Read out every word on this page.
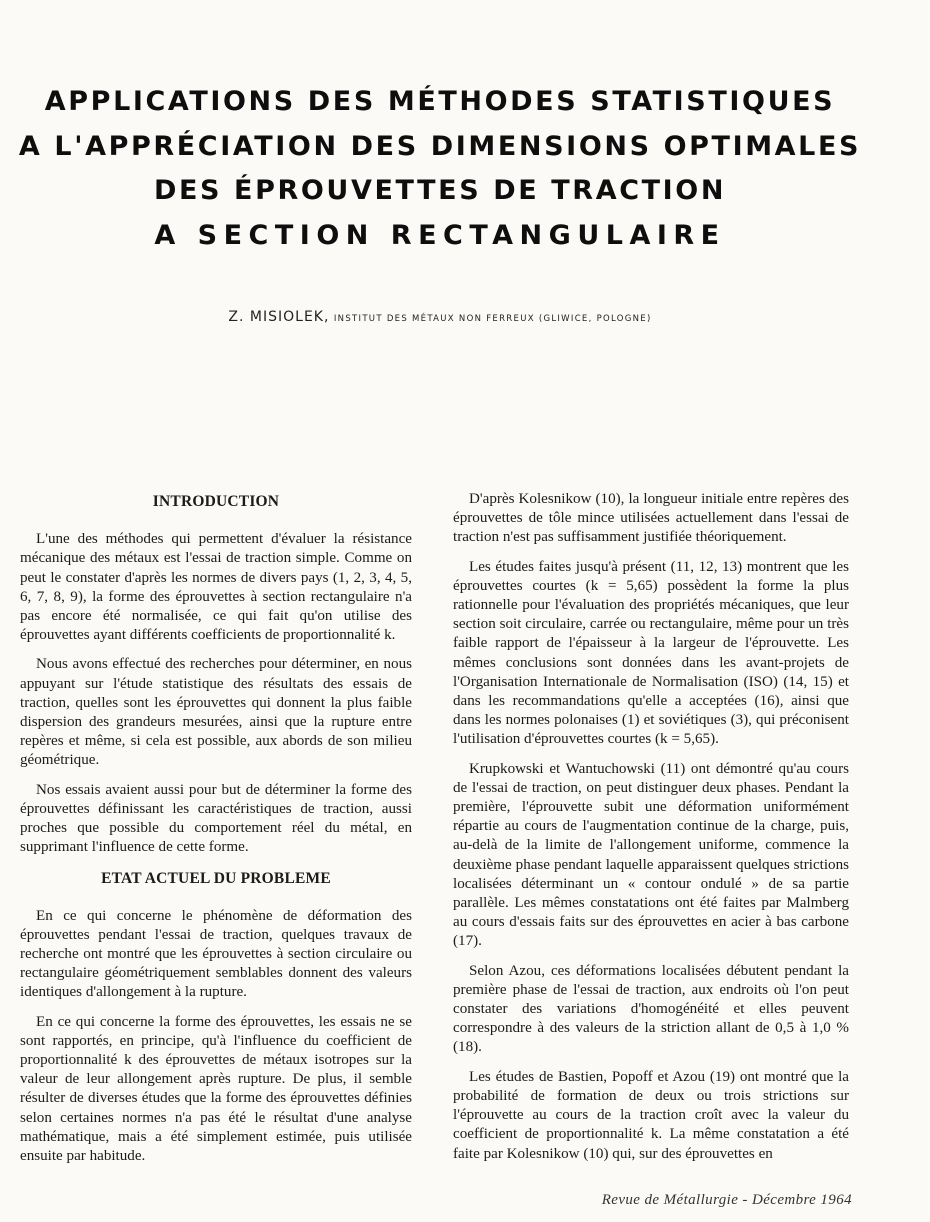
APPLICATIONS DES MÉTHODES STATISTIQUES
A L'APPRÉCIATION DES DIMENSIONS OPTIMALES
DES ÉPROUVETTES DE TRACTION
A SECTION RECTANGULAIRE
Z. MISIOLEK, INSTITUT DES MÉTAUX NON FERREUX (GLIWICE, POLOGNE)
INTRODUCTION

L'une des méthodes qui permettent d'évaluer la résistance mécanique des métaux est l'essai de traction simple. Comme on peut le constater d'après les normes de divers pays (1, 2, 3, 4, 5, 6, 7, 8, 9), la forme des éprouvettes à section rectangulaire n'a pas encore été normalisée, ce qui fait qu'on utilise des éprouvettes ayant différents coefficients de proportionnalité k.

Nous avons effectué des recherches pour déterminer, en nous appuyant sur l'étude statistique des résultats des essais de traction, quelles sont les éprouvettes qui donnent la plus faible dispersion des grandeurs mesurées, ainsi que la rupture entre repères et même, si cela est possible, aux abords de son milieu géométrique.

Nos essais avaient aussi pour but de déterminer la forme des éprouvettes définissant les caractéristiques de traction, aussi proches que possible du comportement réel du métal, en supprimant l'influence de cette forme.

ETAT ACTUEL DU PROBLEME

En ce qui concerne le phénomène de déformation des éprouvettes pendant l'essai de traction, quelques travaux de recherche ont montré que les éprouvettes à section circulaire ou rectangulaire géométriquement semblables donnent des valeurs identiques d'allongement à la rupture.

En ce qui concerne la forme des éprouvettes, les essais ne se sont rapportés, en principe, qu'à l'influence du coefficient de proportionnalité k des éprouvettes de métaux isotropes sur la valeur de leur allongement après rupture. De plus, il semble résulter de diverses études que la forme des éprouvettes définies selon certaines normes n'a pas été le résultat d'une analyse mathématique, mais a été simplement estimée, puis utilisée ensuite par habitude.

D'après Kolesnikow (10), la longueur initiale entre repères des éprouvettes de tôle mince utilisées actuellement dans l'essai de traction n'est pas suffisamment justifiée théoriquement.

Les études faites jusqu'à présent (11, 12, 13) montrent que les éprouvettes courtes (k = 5,65) possèdent la forme la plus rationnelle pour l'évaluation des propriétés mécaniques, que leur section soit circulaire, carrée ou rectangulaire, même pour un très faible rapport de l'épaisseur à la largeur de l'éprouvette. Les mêmes conclusions sont données dans les avant-projets de l'Organisation Internationale de Normalisation (ISO) (14, 15) et dans les recommandations qu'elle a acceptées (16), ainsi que dans les normes polonaises (1) et soviétiques (3), qui préconisent l'utilisation d'éprouvettes courtes (k = 5,65).

Krupkowski et Wantuchowski (11) ont démontré qu'au cours de l'essai de traction, on peut distinguer deux phases. Pendant la première, l'éprouvette subit une déformation uniformément répartie au cours de l'augmentation continue de la charge, puis, au-delà de la limite de l'allongement uniforme, commence la deuxième phase pendant laquelle apparaissent quelques strictions localisées déterminant un « contour ondulé » de sa partie parallèle. Les mêmes constatations ont été faites par Malmberg au cours d'essais faits sur des éprouvettes en acier à bas carbone (17).

Selon Azou, ces déformations localisées débutent pendant la première phase de l'essai de traction, aux endroits où l'on peut constater des variations d'homogénéité et elles peuvent correspondre à des valeurs de la striction allant de 0,5 à 1,0 % (18).

Les études de Bastien, Popoff et Azou (19) ont montré que la probabilité de formation de deux ou trois strictions sur l'éprouvette au cours de la traction croît avec la valeur du coefficient de proportionnalité k. La même constatation a été faite par Kolesnikow (10) qui, sur des éprouvettes en

Revue de Métallurgie - Décembre 1964
